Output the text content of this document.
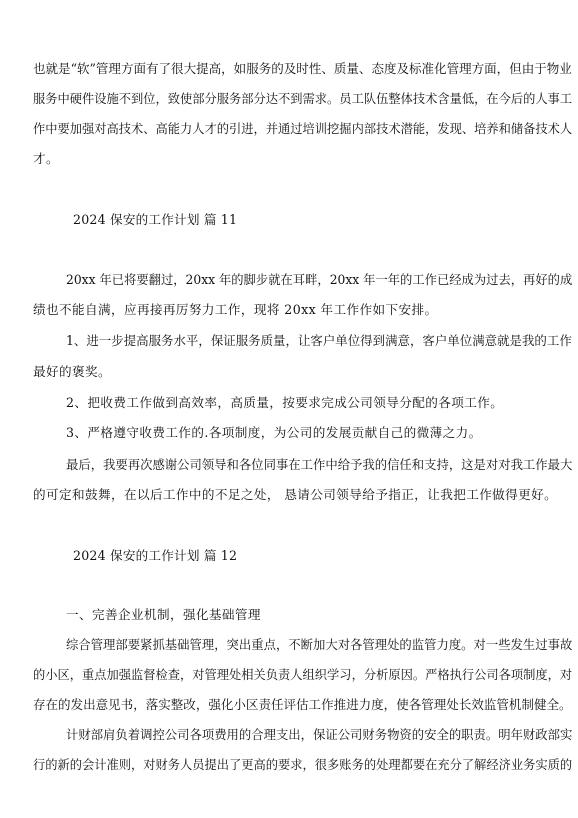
也就是“软”管理方面有了很大提高，如服务的及时性、质量、态度及标准化管理方面，但由于物业
服务中硬件设施不到位，致使部分服务部分达不到需求。员工队伍整体技术含量低，在今后的人事工
作中要加强对高技术、高能力人才的引进，并通过培训挖掘内部技术潜能，发现、培养和储备技术人
才。
2024 保安的工作计划 篇 11
20xx 年已将要翻过，20xx 年的脚步就在耳畔，20xx 年一年的工作已经成为过去，再好的成
绩也不能自满，应再接再厉努力工作，现将 20xx 年工作作如下安排。
1、进一步提高服务水平，保证服务质量，让客户单位得到满意，客户单位满意就是我的工作
最好的褒奖。
2、把收费工作做到高效率，高质量，按要求完成公司领导分配的各项工作。
3、严格遵守收费工作的.各项制度，为公司的发展贡献自己的微薄之力。
最后，我要再次感谢公司领导和各位同事在工作中给予我的信任和支持，这是对对我工作最大
的可定和鼓舞，在以后工作中的不足之处， 恳请公司领导给予指正，让我把工作做得更好。
2024 保安的工作计划 篇 12
一、完善企业机制，强化基础管理
综合管理部要紧抓基础管理，突出重点，不断加大对各管理处的监管力度。对一些发生过事故
的小区，重点加强监督检查，对管理处相关负责人组织学习，分析原因。严格执行公司各项制度，对
存在的发出意见书，落实整改，强化小区责任评估工作推进力度，使各管理处长效监管机制健全。
计财部肩负着调控公司各项费用的合理支出，保证公司财务物资的安全的职责。明年财政部实
行的新的会计准则，对财务人员提出了更高的要求，很多账务的处理都要在充分了解经济业务实质的
